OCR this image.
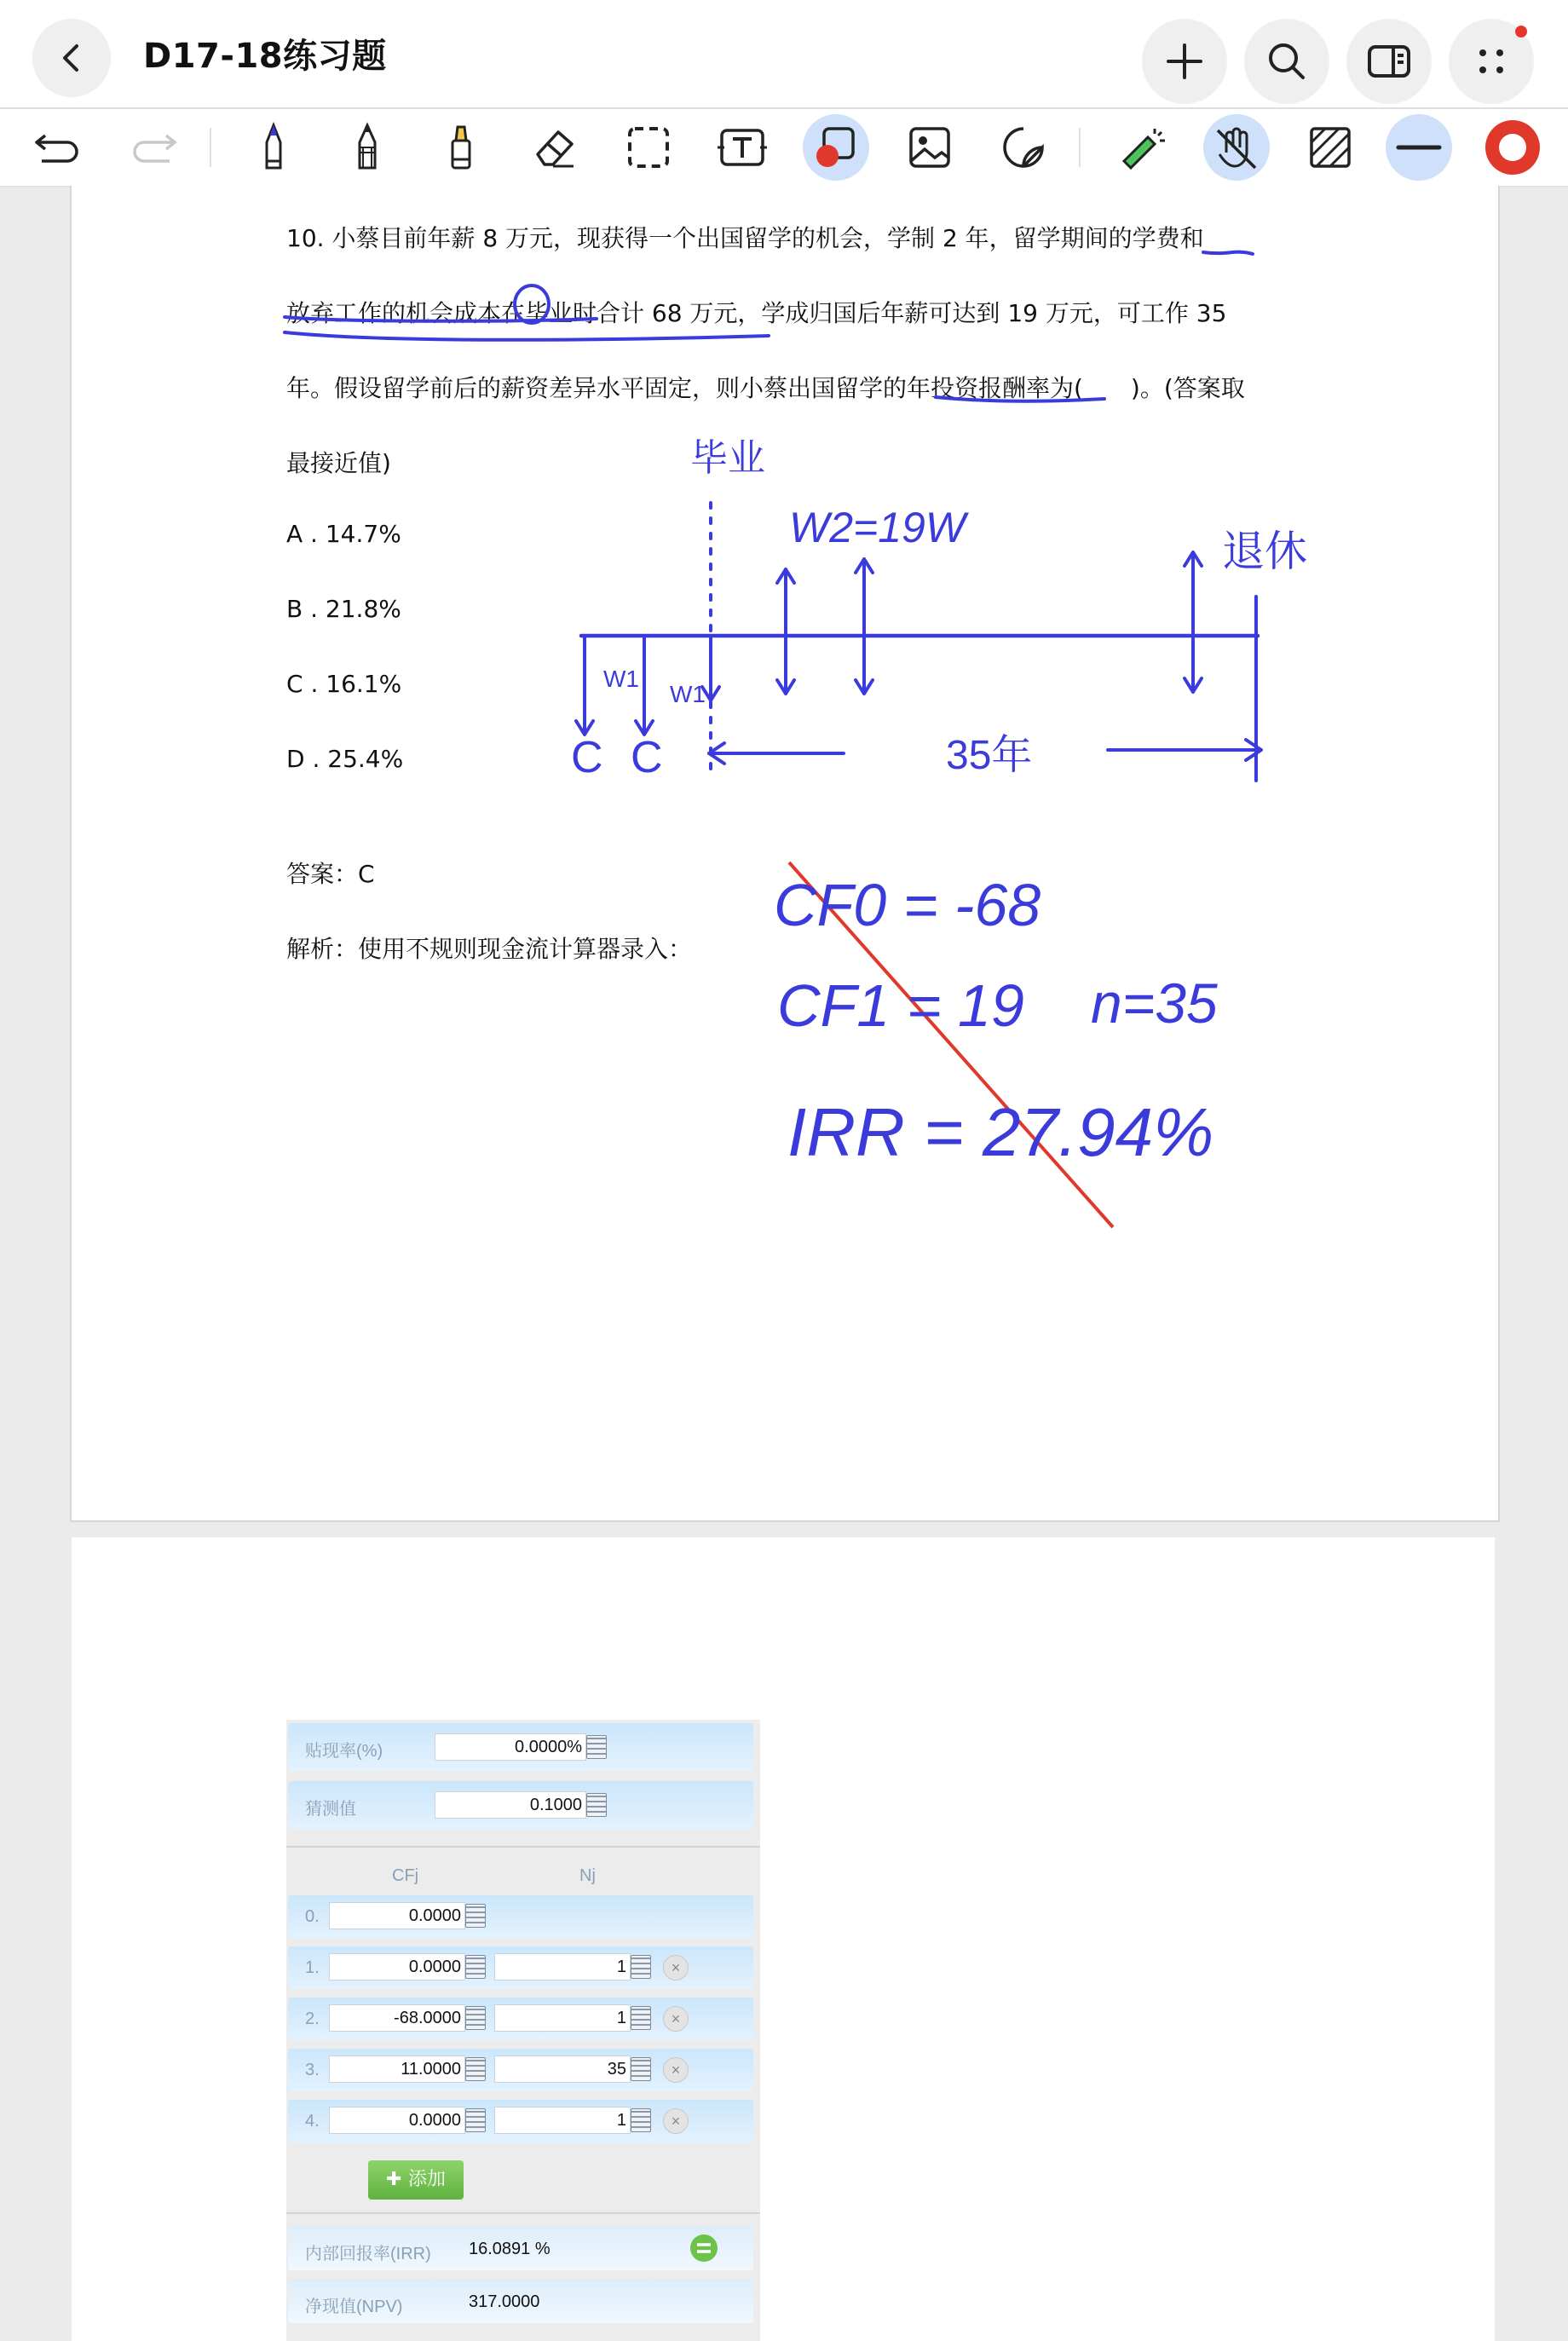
D17-18练习题
10. 小蔡目前年薪 8 万元，现获得一个出国留学的机会，学制 2 年，留学期间的学费和
放弃工作的机会成本在毕业时合计 68 万元，学成归国后年薪可达到 19 万元，可工作 35
年。假设留学前后的薪资差异水平固定，则小蔡出国留学的年投资报酬率为(　　)。(答案取
最接近值)
A . 14.7%
B . 21.8%
C . 16.1%
D . 25.4%
答案：C
解析：使用不规则现金流计算器录入：
毕业
W2=19W	退休
W1
W1
C C	35年
CF0 = -68
CF1 = 19 n=35
IRR = 27.94%
贴现率(%)	0.0000%
猜测值	0.1000
CFj	Nj
0.	0.0000
1.	0.0000	1	×
2.	-68.0000	1	×
3.	11.0000	35	×
4.	0.0000	1	×
内部回报率(IRR) 16.0891 %
净现值(NPV)	317.0000
✚ 添加
